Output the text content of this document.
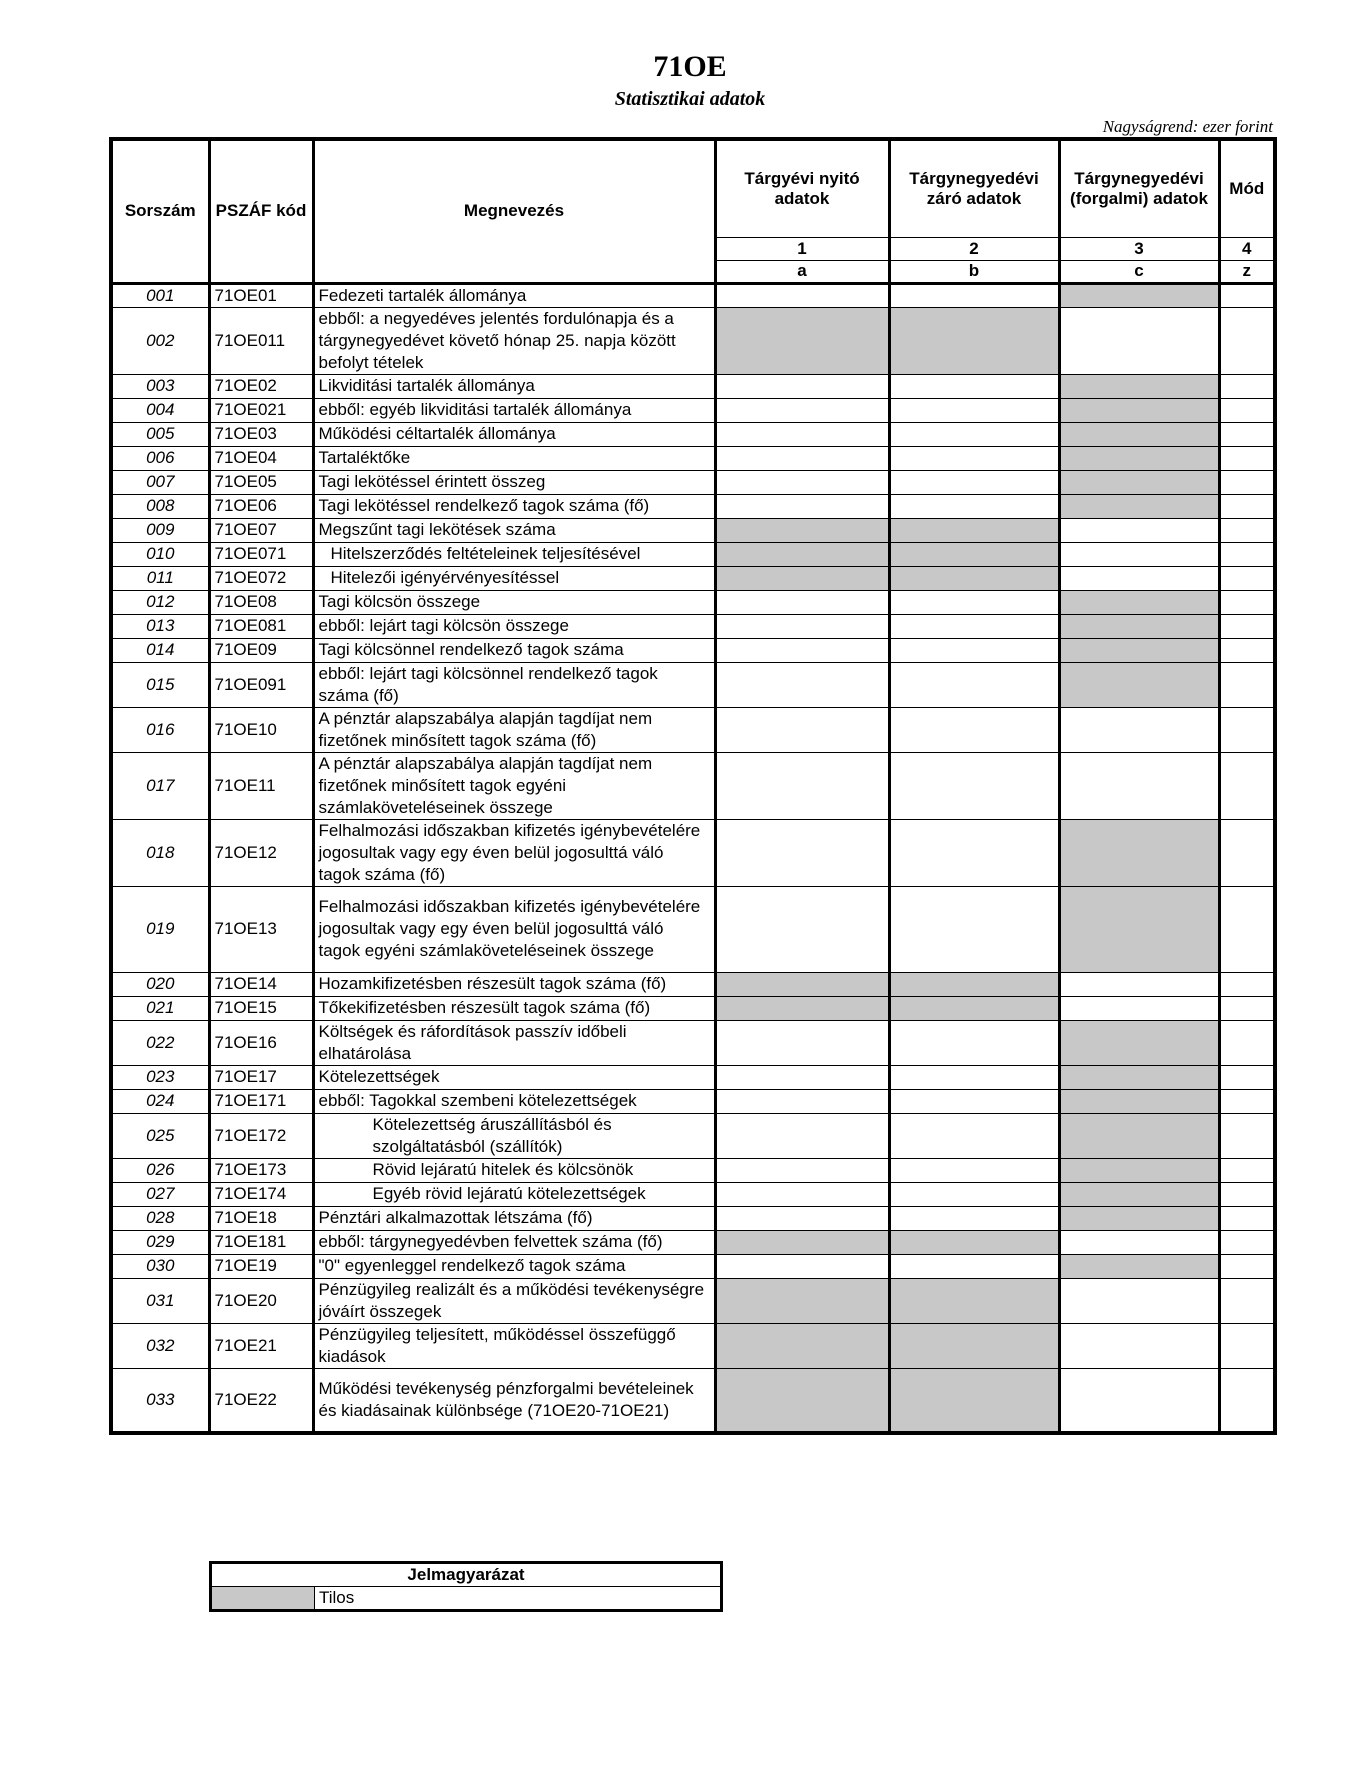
71OE
Statisztikai adatok
Nagyságrend: ezer forint
Sorszám	PSZÁF kód	Megnevezés	Tárgyévi nyitó adatok	Tárgynegyedévi záró adatok	Tárgynegyedévi (forgalmi) adatok	Mód
			1	2	3	4
			a	b	c	z
001	71OE01	Fedezeti tartalék állománya				
002	71OE011	ebből: a negyedéves jelentés fordulónapja és a tárgynegyedévet követő hónap 25. napja között befolyt tételek				
003	71OE02	Likviditási tartalék állománya				
004	71OE021	ebből: egyéb likviditási tartalék állománya				
005	71OE03	Működési céltartalék állománya				
006	71OE04	Tartaléktőke				
007	71OE05	Tagi lekötéssel érintett összeg				
008	71OE06	Tagi lekötéssel rendelkező tagok száma (fő)				
009	71OE07	Megszűnt tagi lekötések száma				
010	71OE071	Hitelszerződés feltételeinek teljesítésével				
011	71OE072	Hitelezői igényérvényesítéssel				
012	71OE08	Tagi kölcsön összege				
013	71OE081	ebből: lejárt tagi kölcsön összege				
014	71OE09	Tagi kölcsönnel rendelkező tagok száma				
015	71OE091	ebből: lejárt tagi kölcsönnel rendelkező tagok száma (fő)				
016	71OE10	A pénztár alapszabálya alapján tagdíjat nem fizetőnek minősített tagok száma (fő)				
017	71OE11	A pénztár alapszabálya alapján tagdíjat nem fizetőnek minősített tagok egyéni számlaköveteléseinek összege				
018	71OE12	Felhalmozási időszakban kifizetés igénybevételére jogosultak vagy egy éven belül jogosulttá váló tagok száma (fő)				
019	71OE13	Felhalmozási időszakban kifizetés igénybevételére jogosultak vagy egy éven belül jogosulttá váló tagok egyéni számlaköveteléseinek összege				
020	71OE14	Hozamkifizetésben részesült tagok száma (fő)				
021	71OE15	Tőkekifizetésben részesült tagok száma (fő)				
022	71OE16	Költségek és ráfordítások passzív időbeli elhatárolása				
023	71OE17	Kötelezettségek				
024	71OE171	ebből: Tagokkal szembeni kötelezettségek				
025	71OE172	Kötelezettség áruszállításból és szolgáltatásból (szállítók)				
026	71OE173	Rövid lejáratú hitelek és kölcsönök				
027	71OE174	Egyéb rövid lejáratú kötelezettségek				
028	71OE18	Pénztári alkalmazottak létszáma (fő)				
029	71OE181	ebből: tárgynegyedévben felvettek száma (fő)				
030	71OE19	"0" egyenleggel rendelkező tagok száma				
031	71OE20	Pénzügyileg realizált és a működési tevékenységre jóváírt összegek				
032	71OE21	Pénzügyileg teljesített, működéssel összefüggő kiadások				
033	71OE22	Működési tevékenység pénzforgalmi bevételeinek és kiadásainak különbsége (71OE20-71OE21)				
Jelmagyarázat
	Tilos
